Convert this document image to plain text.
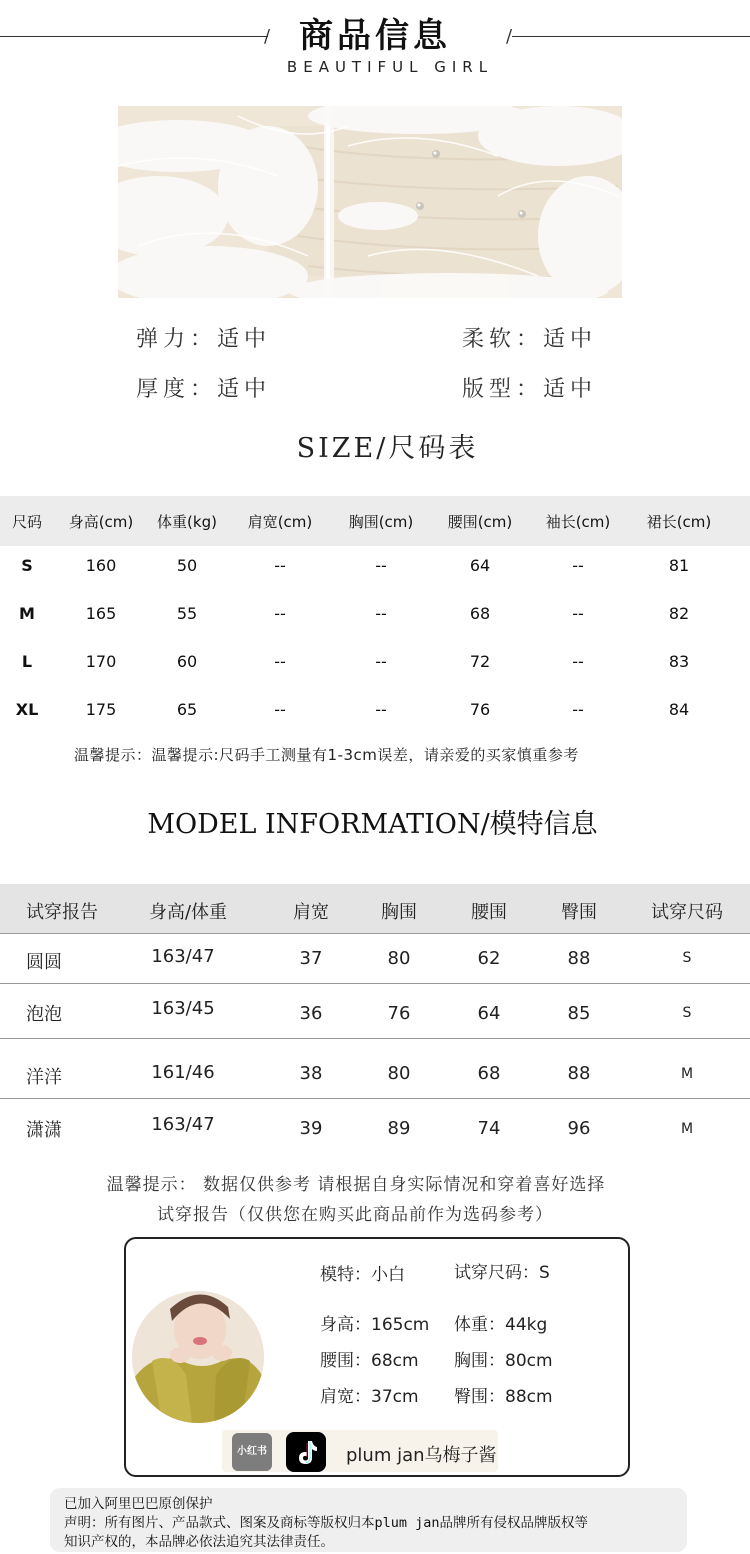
/ 商品信息	/
BEAUTIFUL GIRL
弹力：适中	柔软：适中
厚度：适中	版型：适中
SIZE/尺码表
尺码	身高(cm)	体重(kg)	肩宽(cm)	胸围(cm)	腰围(cm)	袖长(cm)	裙长(cm)
S	160	50	--	--	64	--	81
M	165	55	--	--	68	--	82
L	170	60	--	--	72	--	83
XL	175	65	--	--	76	--	84
温馨提示：温馨提示:尺码手工测量有1-3cm误差，请亲爱的买家慎重参考
MODEL INFORMATION/模特信息
试穿报告	身高/体重	肩宽	胸围	腰围	臀围	试穿尺码
圆圆	163/47	37	80	62	88	S
泡泡	163/45	36	76	64	85	S
洋洋	161/46	38	80	68	88	M
潇潇	163/47	39	89	74	96	M
温馨提示： 数据仅供参考 请根据自身实际情况和穿着喜好选择
试穿报告（仅供您在购买此商品前作为选码参考）
模特：小白	试穿尺码：S
身高：165cm 体重：44kg
腰围：68cm 胸围：80cm
肩宽：37cm 臀围：88cm
小红书	plum jan乌梅子酱
已加入阿里巴巴原创保护
声明：所有图片、产品款式、图案及商标等版权归本plum jan品牌所有侵权品牌版权等
知识产权的，本品牌必依法追究其法律责任。
